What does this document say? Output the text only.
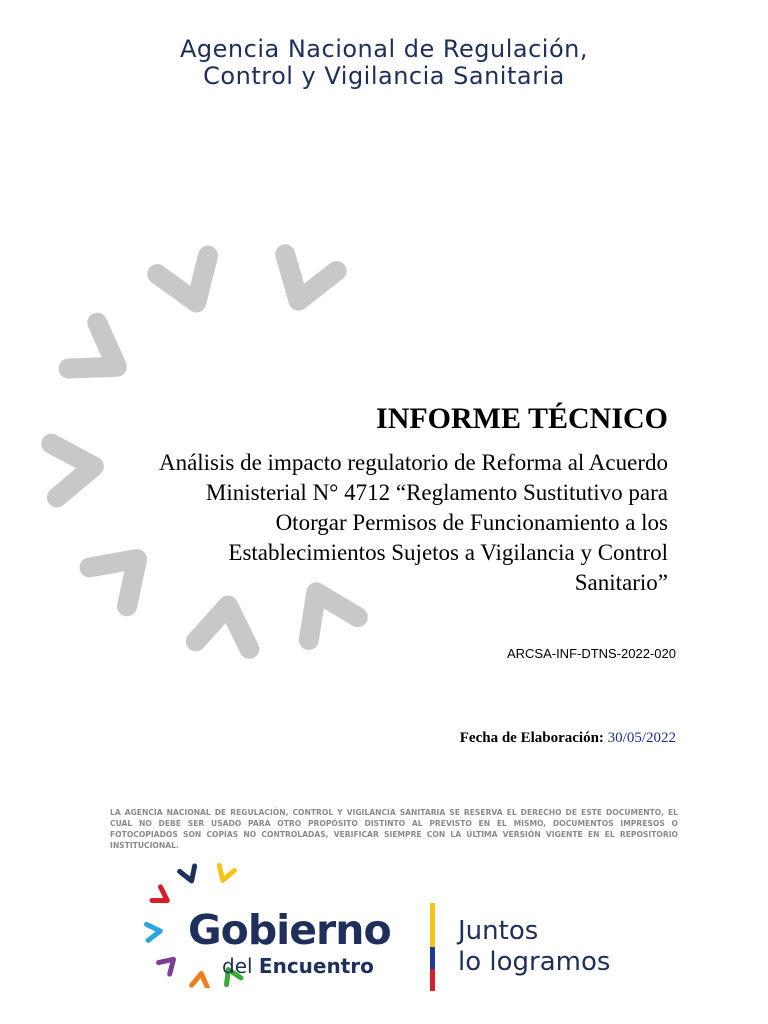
Agencia Nacional de Regulación,
Control y Vigilancia Sanitaria
INFORME TÉCNICO
Análisis de impacto regulatorio de Reforma al Acuerdo Ministerial N° 4712 “Reglamento Sustitutivo para Otorgar Permisos de Funcionamiento a los Establecimientos Sujetos a Vigilancia y Control Sanitario”
ARCSA-INF-DTNS-2022-020
Fecha de Elaboración: 30/05/2022
LA AGENCIA NACIONAL DE REGULACIÓN, CONTROL Y VIGILANCIA SANITARIA SE RESERVA EL DERECHO DE ESTE DOCUMENTO, EL CUAL NO DEBE SER USADO PARA OTRO PROPÓSITO DISTINTO AL PREVISTO EN EL MISMO, DOCUMENTOS IMPRESOS O FOTOCOPIADOS SON COPIAS NO CONTROLADAS, VERIFICAR SIEMPRE CON LA ÚLTIMA VERSIÓN VIGENTE EN EL REPOSITORIO INSTITUCIONAL.
Gobierno
del Encuentro
Juntos
lo logramos
